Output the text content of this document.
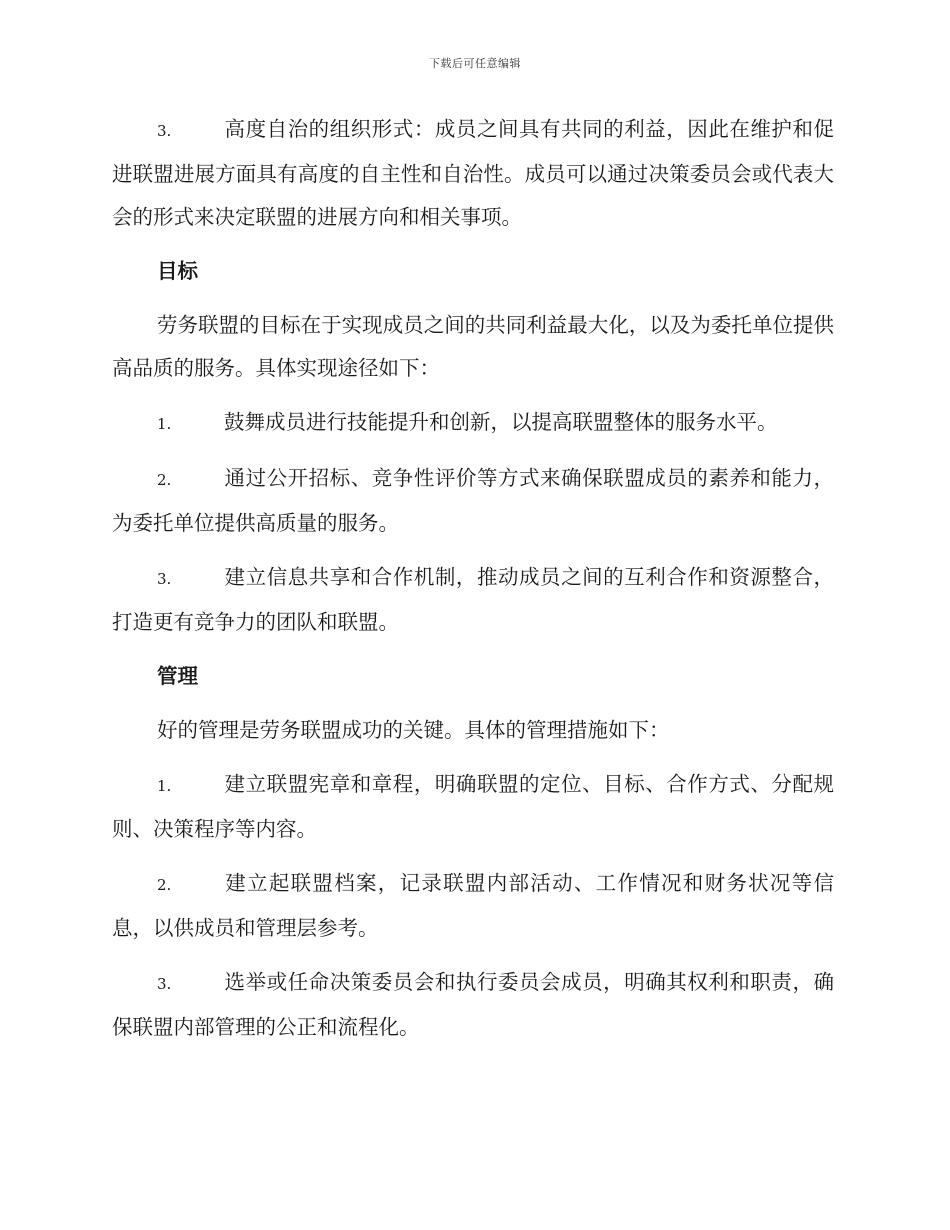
下载后可任意编辑

3.	高度自治的组织形式：成员之间具有共同的利益，因此在维护和促进联盟进展方面具有高度的自主性和自治性。成员可以通过决策委员会或代表大会的形式来决定联盟的进展方向和相关事项。

目标

劳务联盟的目标在于实现成员之间的共同利益最大化，以及为委托单位提供高品质的服务。具体实现途径如下：

1.	鼓舞成员进行技能提升和创新，以提高联盟整体的服务水平。

2.	通过公开招标、竞争性评价等方式来确保联盟成员的素养和能力，为委托单位提供高质量的服务。

3.	建立信息共享和合作机制，推动成员之间的互利合作和资源整合，打造更有竞争力的团队和联盟。

管理

好的管理是劳务联盟成功的关键。具体的管理措施如下：

1.	建立联盟宪章和章程，明确联盟的定位、目标、合作方式、分配规则、决策程序等内容。

2.	建立起联盟档案，记录联盟内部活动、工作情况和财务状况等信息，以供成员和管理层参考。

3.	选举或任命决策委员会和执行委员会成员，明确其权利和职责，确保联盟内部管理的公正和流程化。
